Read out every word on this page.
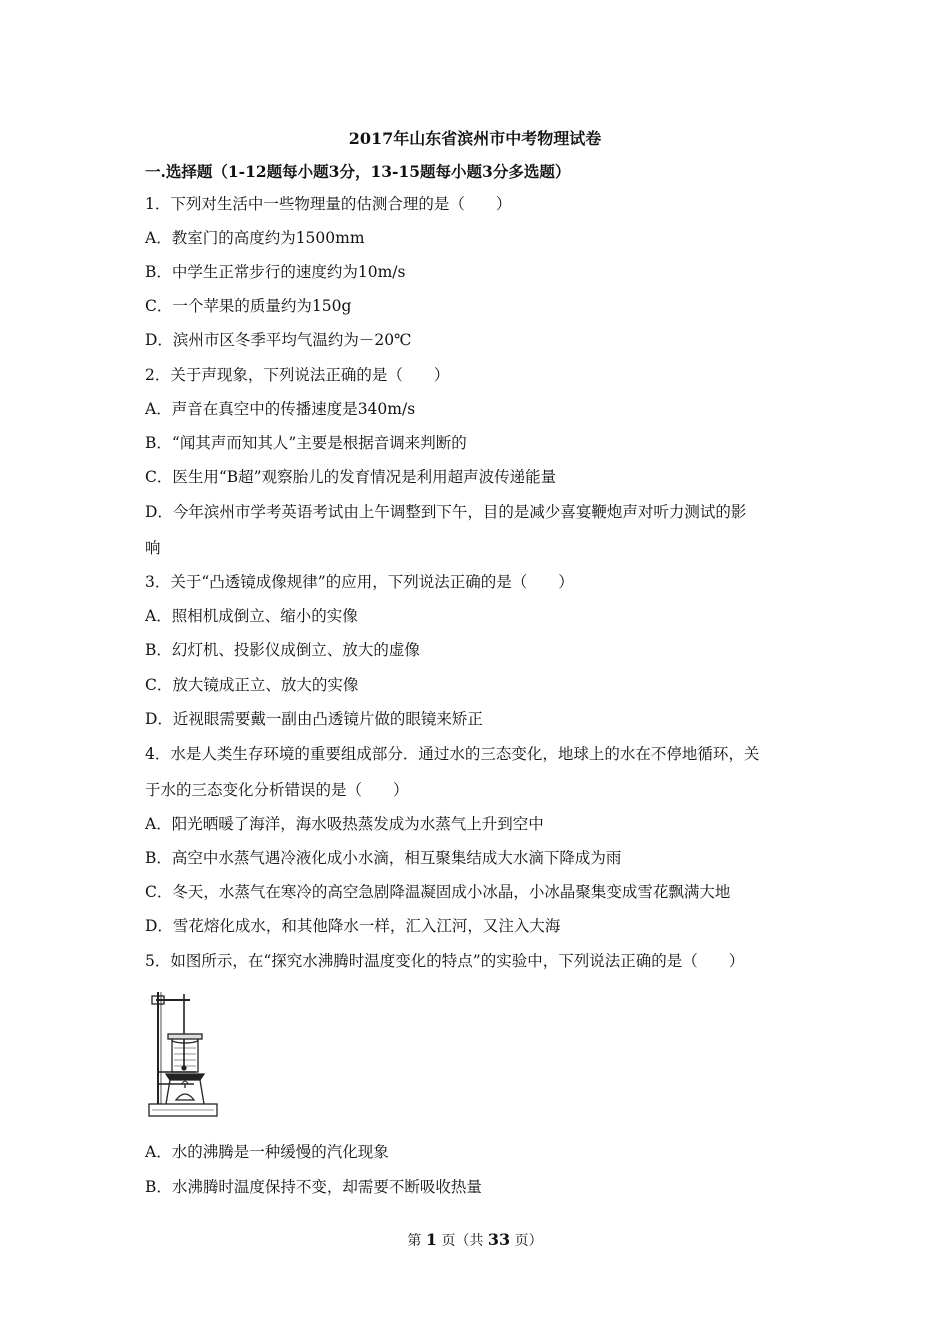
2017年山东省滨州市中考物理试卷
一.选择题（1-12题每小题3分，13-15题每小题3分多选题）
1．下列对生活中一些物理量的估测合理的是（　　）
A．教室门的高度约为1500mm
B．中学生正常步行的速度约为10m/s
C．一个苹果的质量约为150g
D．滨州市区冬季平均气温约为－20℃
2．关于声现象，下列说法正确的是（　　）
A．声音在真空中的传播速度是340m/s
B．“闻其声而知其人”主要是根据音调来判断的
C．医生用“B超”观察胎儿的发育情况是利用超声波传递能量
D．今年滨州市学考英语考试由上午调整到下午，目的是减少喜宴鞭炮声对听力测试的影
响
3．关于“凸透镜成像规律”的应用，下列说法正确的是（　　）
A．照相机成倒立、缩小的实像
B．幻灯机、投影仪成倒立、放大的虚像
C．放大镜成正立、放大的实像
D．近视眼需要戴一副由凸透镜片做的眼镜来矫正
4．水是人类生存环境的重要组成部分．通过水的三态变化，地球上的水在不停地循环，关
于水的三态变化分析错误的是（　　）
A．阳光晒暖了海洋，海水吸热蒸发成为水蒸气上升到空中
B．高空中水蒸气遇冷液化成小水滴，相互聚集结成大水滴下降成为雨
C．冬天，水蒸气在寒冷的高空急剧降温凝固成小冰晶，小冰晶聚集变成雪花飘满大地
D．雪花熔化成水，和其他降水一样，汇入江河，又注入大海
5．如图所示，在“探究水沸腾时温度变化的特点”的实验中，下列说法正确的是（　　）
A．水的沸腾是一种缓慢的汽化现象
B．水沸腾时温度保持不变，却需要不断吸收热量
第 1 页（共 33 页）
